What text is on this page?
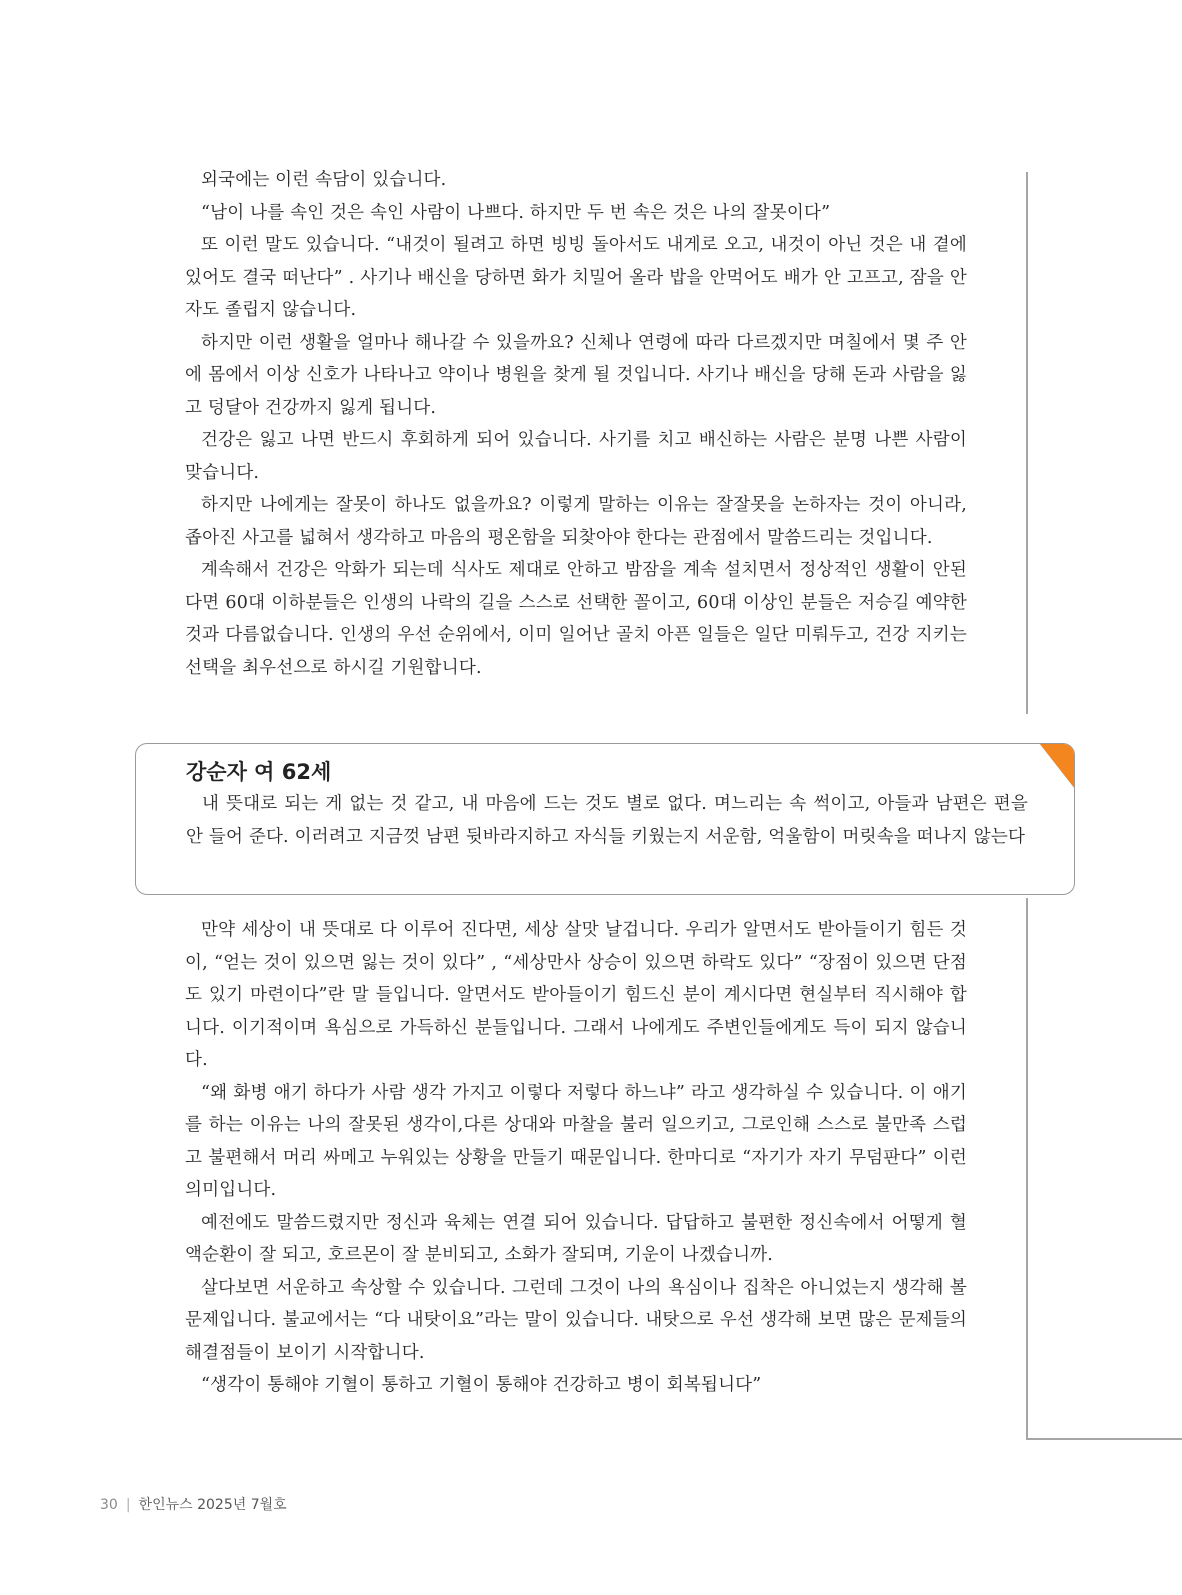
외국에는 이런 속담이 있습니다.

“남이 나를 속인 것은 속인 사람이 나쁘다. 하지만 두 번 속은 것은 나의 잘못이다”

또 이런 말도 있습니다. “내것이 될려고 하면 빙빙 돌아서도 내게로 오고, 내것이 아닌 것은 내 곁에 있어도 결국 떠난다” . 사기나 배신을 당하면 화가 치밀어 올라 밥을 안먹어도 배가 안 고프고, 잠을 안 자도 졸립지 않습니다.

하지만 이런 생활을 얼마나 해나갈 수 있을까요? 신체나 연령에 따라 다르겠지만 며칠에서 몇 주 안에 몸에서 이상 신호가 나타나고 약이나 병원을 찾게 될 것입니다. 사기나 배신을 당해 돈과 사람을 잃고 덩달아 건강까지 잃게 됩니다.

건강은 잃고 나면 반드시 후회하게 되어 있습니다. 사기를 치고 배신하는 사람은 분명 나쁜 사람이 맞습니다.

하지만 나에게는 잘못이 하나도 없을까요? 이렇게 말하는 이유는 잘잘못을 논하자는 것이 아니라, 좁아진 사고를 넓혀서 생각하고 마음의 평온함을 되찾아야 한다는 관점에서 말씀드리는 것입니다.

계속해서 건강은 악화가 되는데 식사도 제대로 안하고 밤잠을 계속 설치면서 정상적인 생활이 안된다면 60대 이하분들은 인생의 나락의 길을 스스로 선택한 꼴이고, 60대 이상인 분들은 저승길 예약한것과 다름없습니다. 인생의 우선 순위에서, 이미 일어난 골치 아픈 일들은 일단 미뤄두고, 건강 지키는 선택을 최우선으로 하시길 기원합니다.

강순자 여 62세

내 뜻대로 되는 게 없는 것 같고, 내 마음에 드는 것도 별로 없다. 며느리는 속 썩이고, 아들과 남편은 편을 안 들어 준다. 이러려고 지금껏 남편 뒷바라지하고 자식들 키웠는지 서운함, 억울함이 머릿속을 떠나지 않는다

만약 세상이 내 뜻대로 다 이루어 진다면, 세상 살맛 날겁니다. 우리가 알면서도 받아들이기 힘든 것이, “얻는 것이 있으면 잃는 것이 있다” , “세상만사 상승이 있으면 하락도 있다” “장점이 있으면 단점도 있기 마련이다”란 말 들입니다. 알면서도 받아들이기 힘드신 분이 계시다면 현실부터 직시해야 합니다. 이기적이며 욕심으로 가득하신 분들입니다. 그래서 나에게도 주변인들에게도 득이 되지 않습니다.

“왜 화병 애기 하다가 사람 생각 가지고 이렇다 저렇다 하느냐” 라고 생각하실 수 있습니다. 이 애기를 하는 이유는 나의 잘못된 생각이,다른 상대와 마찰을 불러 일으키고, 그로인해 스스로 불만족 스럽고 불편해서 머리 싸메고 누워있는 상황을 만들기 때문입니다. 한마디로 “자기가 자기 무덤판다” 이런 의미입니다.

예전에도 말씀드렸지만 정신과 육체는 연결 되어 있습니다. 답답하고 불편한 정신속에서 어떻게 혈액순환이 잘 되고, 호르몬이 잘 분비되고, 소화가 잘되며, 기운이 나겠습니까.

살다보면 서운하고 속상할 수 있습니다. 그런데 그것이 나의 욕심이나 집착은 아니었는지 생각해 볼 문제입니다. 불교에서는 “다 내탓이요”라는 말이 있습니다. 내탓으로 우선 생각해 보면 많은 문제들의 해결점들이 보이기 시작합니다.

“생각이 통해야 기혈이 통하고 기혈이 통해야 건강하고 병이 회복됩니다”

30 | 한인뉴스 2025년 7월호
